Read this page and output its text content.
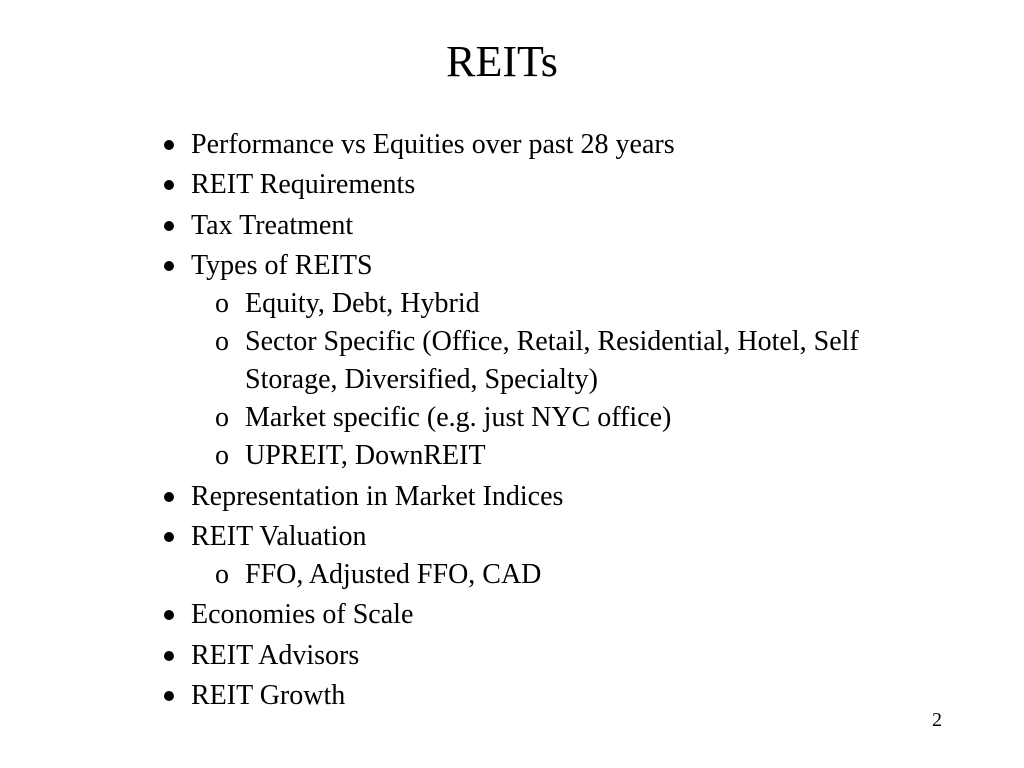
REITs
Performance vs Equities over past 28 years
REIT Requirements
Tax Treatment
Types of REITS
o Equity, Debt, Hybrid
o Sector Specific (Office, Retail, Residential, Hotel, Self Storage, Diversified, Specialty)
o Market specific (e.g. just NYC office)
o UPREIT, DownREIT
Representation in Market Indices
REIT Valuation
o FFO, Adjusted FFO, CAD
Economies of Scale
REIT Advisors
REIT Growth
2
